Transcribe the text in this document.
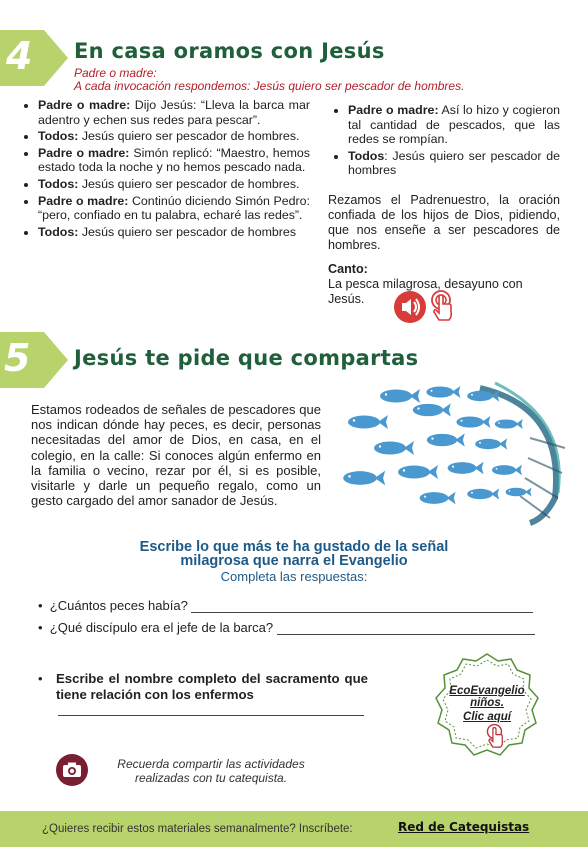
4 En casa oramos con Jesús
Padre o madre:
A cada invocación respondemos: Jesús quiero ser pescador de hombres.
• Padre o madre: Dijo Jesús: “Lleva la barca mar adentro y echen sus redes para pescar”.
• Todos: Jesús quiero ser pescador de hombres.
• Padre o madre: Simón replicó: “Maestro, hemos estado toda la noche y no hemos pescado nada.
• Todos: Jesús quiero ser pescador de hombres.
• Padre o madre: Continúo diciendo Simón Pedro: “pero, confiado en tu palabra, echaré las redes”.
• Todos: Jesús quiero ser pescador de hombres
• Padre o madre: Así lo hizo y cogieron tal cantidad de pescados, que las redes se rompían.
• Todos: Jesús quiero ser pescador de hombres
Rezamos el Padrenuestro, la oración confiada de los hijos de Dios, pidiendo, que nos enseñe a ser pescadores de hombres.
Canto:
La pesca milagrosa, desayuno con Jesús.
5 Jesús te pide que compartas
Estamos rodeados de señales de pescadores que nos indican dónde hay peces, es decir, personas necesitadas del amor de Dios, en casa, en el colegio, en la calle: Si conoces algún enfermo en la familia o vecino, rezar por él, si es posible, visitarle y darle un pequeño regalo, como un gesto cargado del amor sanador de Jesús.
Escribe lo que más te ha gustado de la señal
milagrosa que narra el Evangelio
Completa las respuestas:
•  ¿Cuántos peces había?
•  ¿Qué discípulo era el jefe de la barca?
• Escribe el nombre completo del sacramento que tiene relación con los enfermos	EcoEvangelio
niños.
Clic aquí
Recuerda compartir las actividades realizadas con tu catequista.
¿Quieres recibir estos materiales semanalmente? Inscríbete:	Red de Catequistas
